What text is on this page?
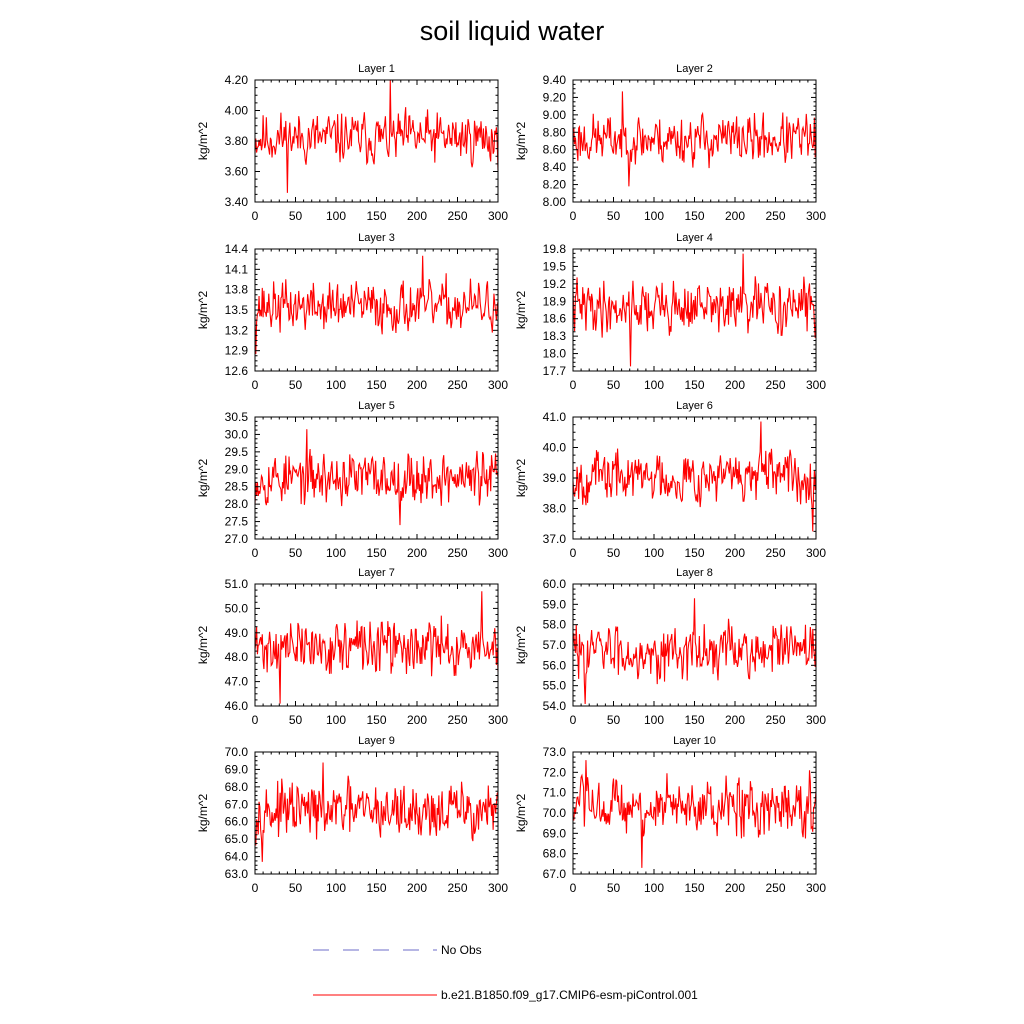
soil liquid water
Layer 1
0	50 100 150 200 250 300
3.40
3.60
3.80
4.00
4.20
kg/m^2
Layer 2
0	50 100 150 200 250 300
8.00
8.20
8.40
8.60
8.80
9.00
9.20
9.40
kg/m^2
Layer 3
0	50 100 150 200 250 300
12.6
12.9
13.2
13.5
13.8
14.1
14.4
kg/m^2
Layer 4
0	50 100 150 200 250 300
17.7
18.0
18.3
18.6
18.9
19.2
19.5
19.8
kg/m^2
Layer 5
0	50 100 150 200 250 300
27.0
27.5
28.0
28.5
29.0
29.5
30.0
30.5
kg/m^2
Layer 6
0	50 100 150 200 250 300
37.0
38.0
39.0
40.0
41.0
kg/m^2
Layer 7
0	50 100 150 200 250 300
46.0
47.0
48.0
49.0
50.0
51.0
kg/m^2
Layer 8
0	50 100 150 200 250 300
54.0
55.0
56.0
57.0
58.0
59.0
60.0
kg/m^2
Layer 9
0	50 100 150 200 250 300
63.0
64.0
65.0
66.0
67.0
68.0
69.0
70.0
kg/m^2
Layer 10
0	50 100 150 200 250 300
67.0
68.0
69.0
70.0
71.0
72.0
73.0
kg/m^2
No Obs
b.e21.B1850.f09_g17.CMIP6-esm-piControl.001
